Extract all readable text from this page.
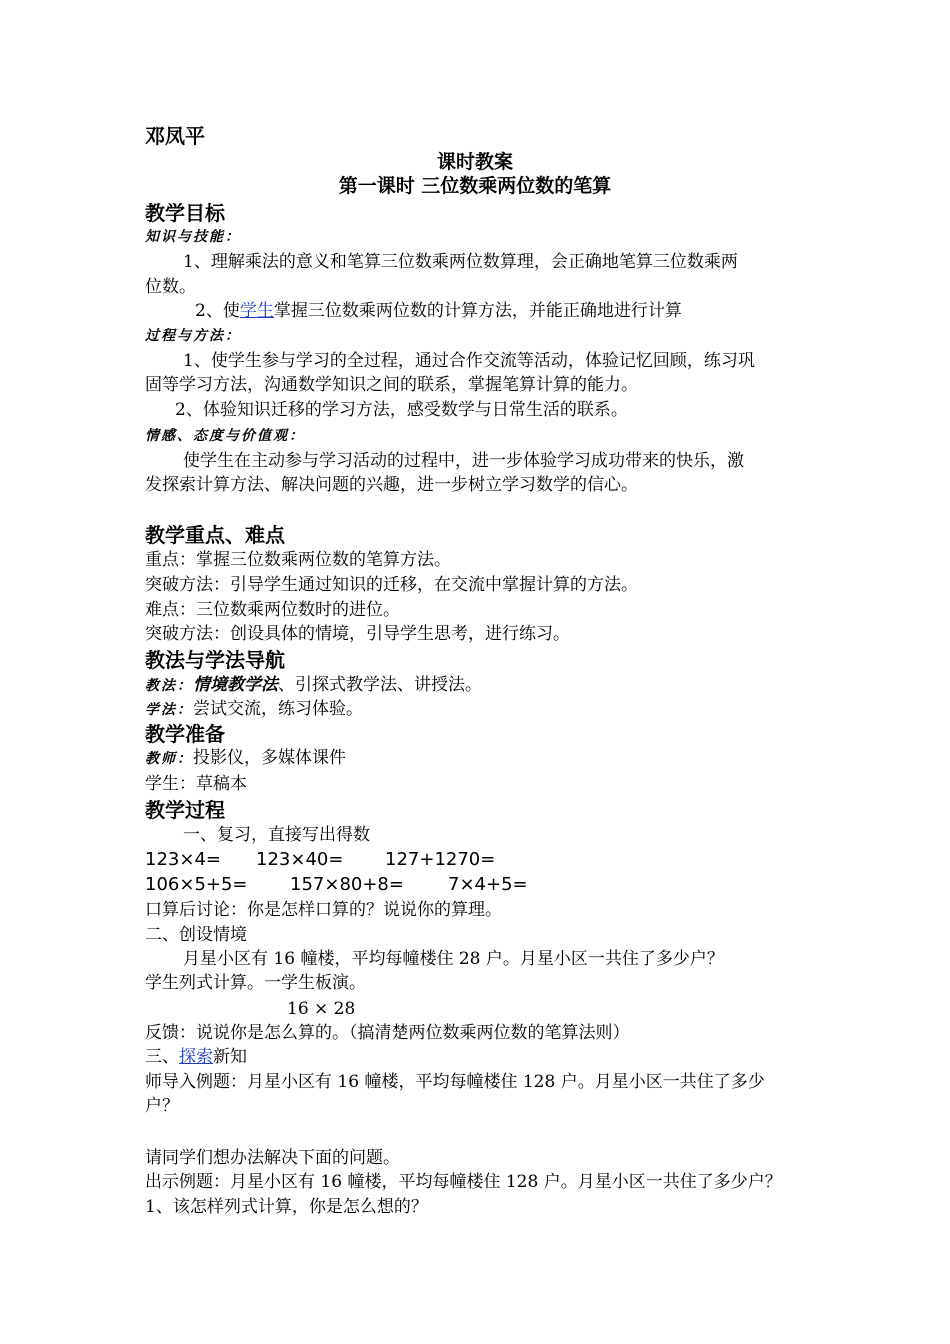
邓凤平
课时教案
第一课时 三位数乘两位数的笔算
教学目标
知识与技能：
1、理解乘法的意义和笔算三位数乘两位数算理，会正确地笔算三位数乘两
位数。
2、使学生掌握三位数乘两位数的计算方法，并能正确地进行计算
过程与方法：
1、使学生参与学习的全过程，通过合作交流等活动，体验记忆回顾，练习巩
固等学习方法，沟通数学知识之间的联系，掌握笔算计算的能力。
2、体验知识迁移的学习方法，感受数学与日常生活的联系。
情感、态度与价值观：
使学生在主动参与学习活动的过程中，进一步体验学习成功带来的快乐，激
发探索计算方法、解决问题的兴趣，进一步树立学习数学的信心。
教学重点、难点
重点：掌握三位数乘两位数的笔算方法。
突破方法：引导学生通过知识的迁移，在交流中掌握计算的方法。
难点：三位数乘两位数时的进位。
突破方法：创设具体的情境，引导学生思考，进行练习。
教法与学法导航
教法：情境教学法、引探式教学法、讲授法。
学法：尝试交流，练习体验。
教学准备
教师：投影仪，多媒体课件
学生：草稿本
教学过程
一、复习，直接写出得数
123×4= 123×40= 127+1270=
106×5+5= 157×80+8= 7×4+5=
口算后讨论：你是怎样口算的？说说你的算理。
二、创设情境
月星小区有 16 幢楼，平均每幢楼住 28 户。月星小区一共住了多少户？
学生列式计算。一学生板演。
16 × 28
反馈：说说你是怎么算的。（搞清楚两位数乘两位数的笔算法则）
三、探索新知
师导入例题：月星小区有 16 幢楼，平均每幢楼住 128 户。月星小区一共住了多少
户？
请同学们想办法解决下面的问题。
出示例题：月星小区有 16 幢楼，平均每幢楼住 128 户。月星小区一共住了多少户？
1、该怎样列式计算，你是怎么想的？
